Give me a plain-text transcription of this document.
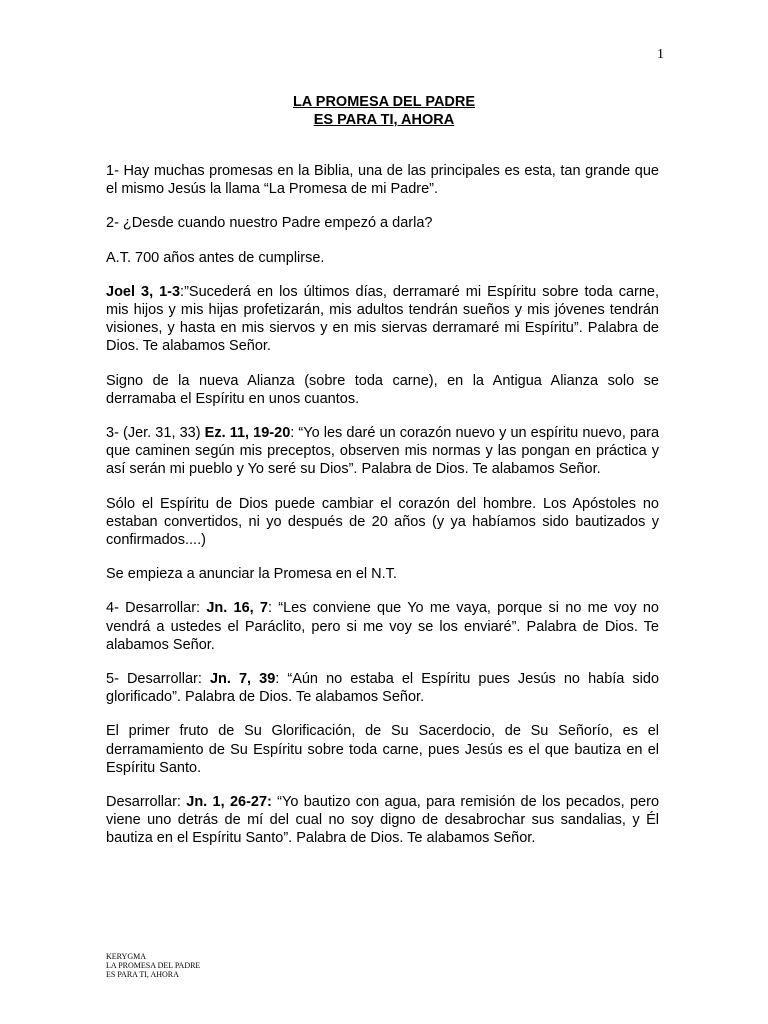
1
LA PROMESA DEL PADRE
ES PARA TI, AHORA

1- Hay muchas promesas en la Biblia, una de las principales es esta, tan grande que el mismo Jesús la llama “La Promesa de mi Padre”.

2- ¿Desde cuando nuestro Padre empezó a darla?

A.T. 700 años antes de cumplirse.

Joel 3, 1-3:”Sucederá en los últimos días, derramaré mi Espíritu sobre toda carne, mis hijos y mis hijas profetizarán, mis adultos tendrán sueños y mis jóvenes tendrán visiones, y hasta en mis siervos y en mis siervas derramaré mi Espíritu”. Palabra de Dios. Te alabamos Señor.

Signo de la nueva Alianza (sobre toda carne), en la Antigua Alianza solo se derramaba el Espíritu en unos cuantos.

3- (Jer. 31, 33) Ez. 11, 19-20: “Yo les daré un corazón nuevo y un espíritu nuevo, para que caminen según mis preceptos, observen mis normas y las pongan en práctica y así serán mi pueblo y Yo seré su Dios”. Palabra de Dios. Te alabamos Señor.

Sólo el Espíritu de Dios puede cambiar el corazón del hombre. Los Apóstoles no estaban convertidos, ni yo después de 20 años (y ya habíamos sido bautizados y confirmados....)

Se empieza a anunciar la Promesa en el N.T.

4- Desarrollar: Jn. 16, 7: “Les conviene que Yo me vaya, porque si no me voy no vendrá a ustedes el Paráclito, pero si me voy se los enviaré”. Palabra de Dios. Te alabamos Señor.

5- Desarrollar: Jn. 7, 39: “Aún no estaba el Espíritu pues Jesús no había sido glorificado”. Palabra de Dios. Te alabamos Señor.

El primer fruto de Su Glorificación, de Su Sacerdocio, de Su Señorío, es el derramamiento de Su Espíritu sobre toda carne, pues Jesús es el que bautiza en el Espíritu Santo.

Desarrollar: Jn. 1, 26-27: “Yo bautizo con agua, para remisión de los pecados, pero viene uno detrás de mí del cual no soy digno de desabrochar sus sandalias, y Él bautiza en el Espíritu Santo”. Palabra de Dios. Te alabamos Señor.

KERYGMA
LA PROMESA DEL PADRE
ES PARA TI, AHORA
